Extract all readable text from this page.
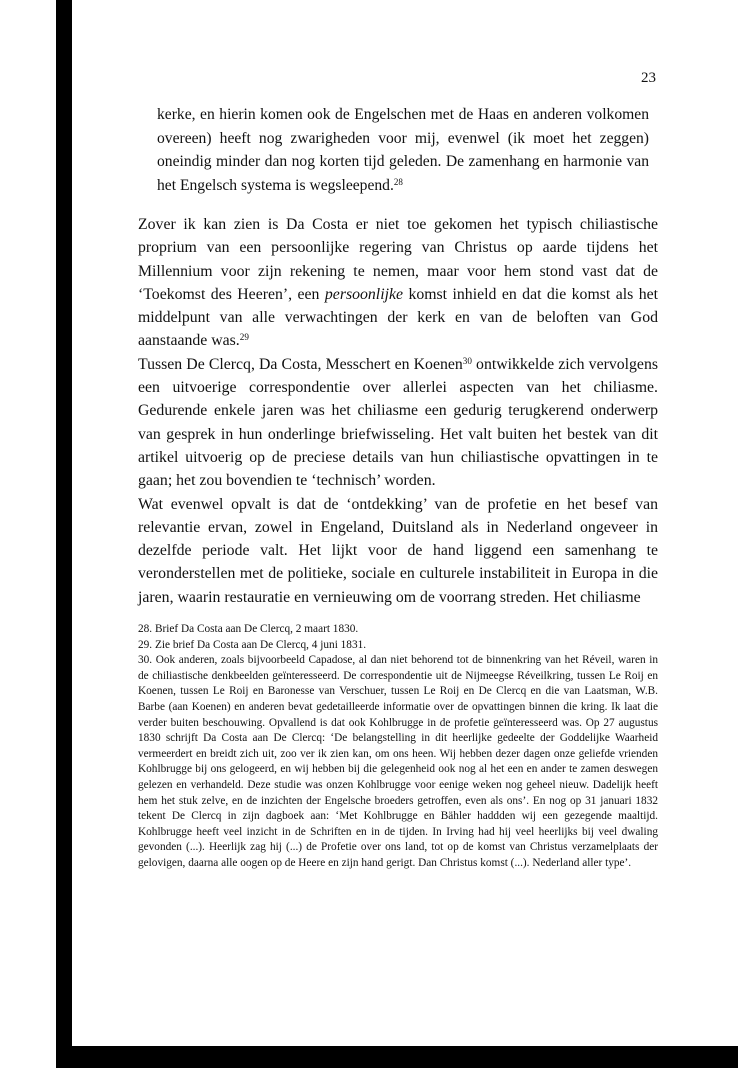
23

kerke, en hierin komen ook de Engelschen met de Haas en anderen volkomen overeen) heeft nog zwarigheden voor mij, evenwel (ik moet het zeggen) oneindig minder dan nog korten tijd geleden. De zamenhang en harmonie van het Engelsch systema is wegsleepend.$^{28}$

Zover ik kan zien is Da Costa er niet toe gekomen het typisch chiliastische proprium van een persoonlijke regering van Christus op aarde tijdens het Millennium voor zijn rekening te nemen, maar voor hem stond vast dat de ‘Toekomst des Heeren’, een persoonlijke komst inhield en dat die komst als het middelpunt van alle verwachtingen der kerk en van de beloften van God aanstaande was.$^{29}$

Tussen De Clercq, Da Costa, Messchert en Koenen$^{30}$ ontwikkelde zich vervolgens een uitvoerige correspondentie over allerlei aspecten van het chiliasme. Gedurende enkele jaren was het chiliasme een gedurig terugkerend onderwerp van gesprek in hun onderlinge briefwisseling. Het valt buiten het bestek van dit artikel uitvoerig op de preciese details van hun chiliastische opvattingen in te gaan; het zou bovendien te ‘technisch’ worden.

Wat evenwel opvalt is dat de ‘ontdekking’ van de profetie en het besef van relevantie ervan, zowel in Engeland, Duitsland als in Nederland ongeveer in dezelfde periode valt. Het lijkt voor de hand liggend een samenhang te veronderstellen met de politieke, sociale en culturele instabiliteit in Europa in die jaren, waarin restauratie en vernieuwing om de voorrang streden. Het chiliasme

28. Brief Da Costa aan De Clercq, 2 maart 1830.

29. Zie brief Da Costa aan De Clercq, 4 juni 1831.

30. Ook anderen, zoals bijvoorbeeld Capadose, al dan niet behorend tot de binnenkring van het Réveil, waren in de chiliastische denkbeelden geïnteresseerd. De correspondentie uit de Nijmeegse Réveilkring, tussen Le Roij en Koenen, tussen Le Roij en Baronesse van Verschuer, tussen Le Roij en De Clercq en die van Laatsman, W.B. Barbe (aan Koenen) en anderen bevat gedetailleerde informatie over de opvattingen binnen die kring. Ik laat die verder buiten beschouwing. Opvallend is dat ook Kohlbrugge in de profetie geïnteresseerd was. Op 27 augustus 1830 schrijft Da Costa aan De Clercq: ‘De belangstelling in dit heerlijke gedeelte der Goddelijke Waarheid vermeerdert en breidt zich uit, zoo ver ik zien kan, om ons heen. Wij hebben dezer dagen onze geliefde vrienden Kohlbrugge bij ons gelogeerd, en wij hebben bij die gelegenheid ook nog al het een en ander te zamen deswegen gelezen en verhandeld. Deze studie was onzen Kohlbrugge voor eenige weken nog geheel nieuw. Dadelijk heeft hem het stuk zelve, en de inzichten der Engelsche broeders getroffen, even als ons’. En nog op 31 januari 1832 tekent De Clercq in zijn dagboek aan: ‘Met Kohlbrugge en Bähler haddden wij een gezegende maaltijd. Kohlbrugge heeft veel inzicht in de Schriften en in de tijden. In Irving had hij veel heerlijks bij veel dwaling gevonden (...). Heerlijk zag hij (...) de Profetie over ons land, tot op de komst van Christus verzamelplaats der gelovigen, daarna alle oogen op de Heere en zijn hand gerigt. Dan Christus komst (...). Nederland aller type’.
